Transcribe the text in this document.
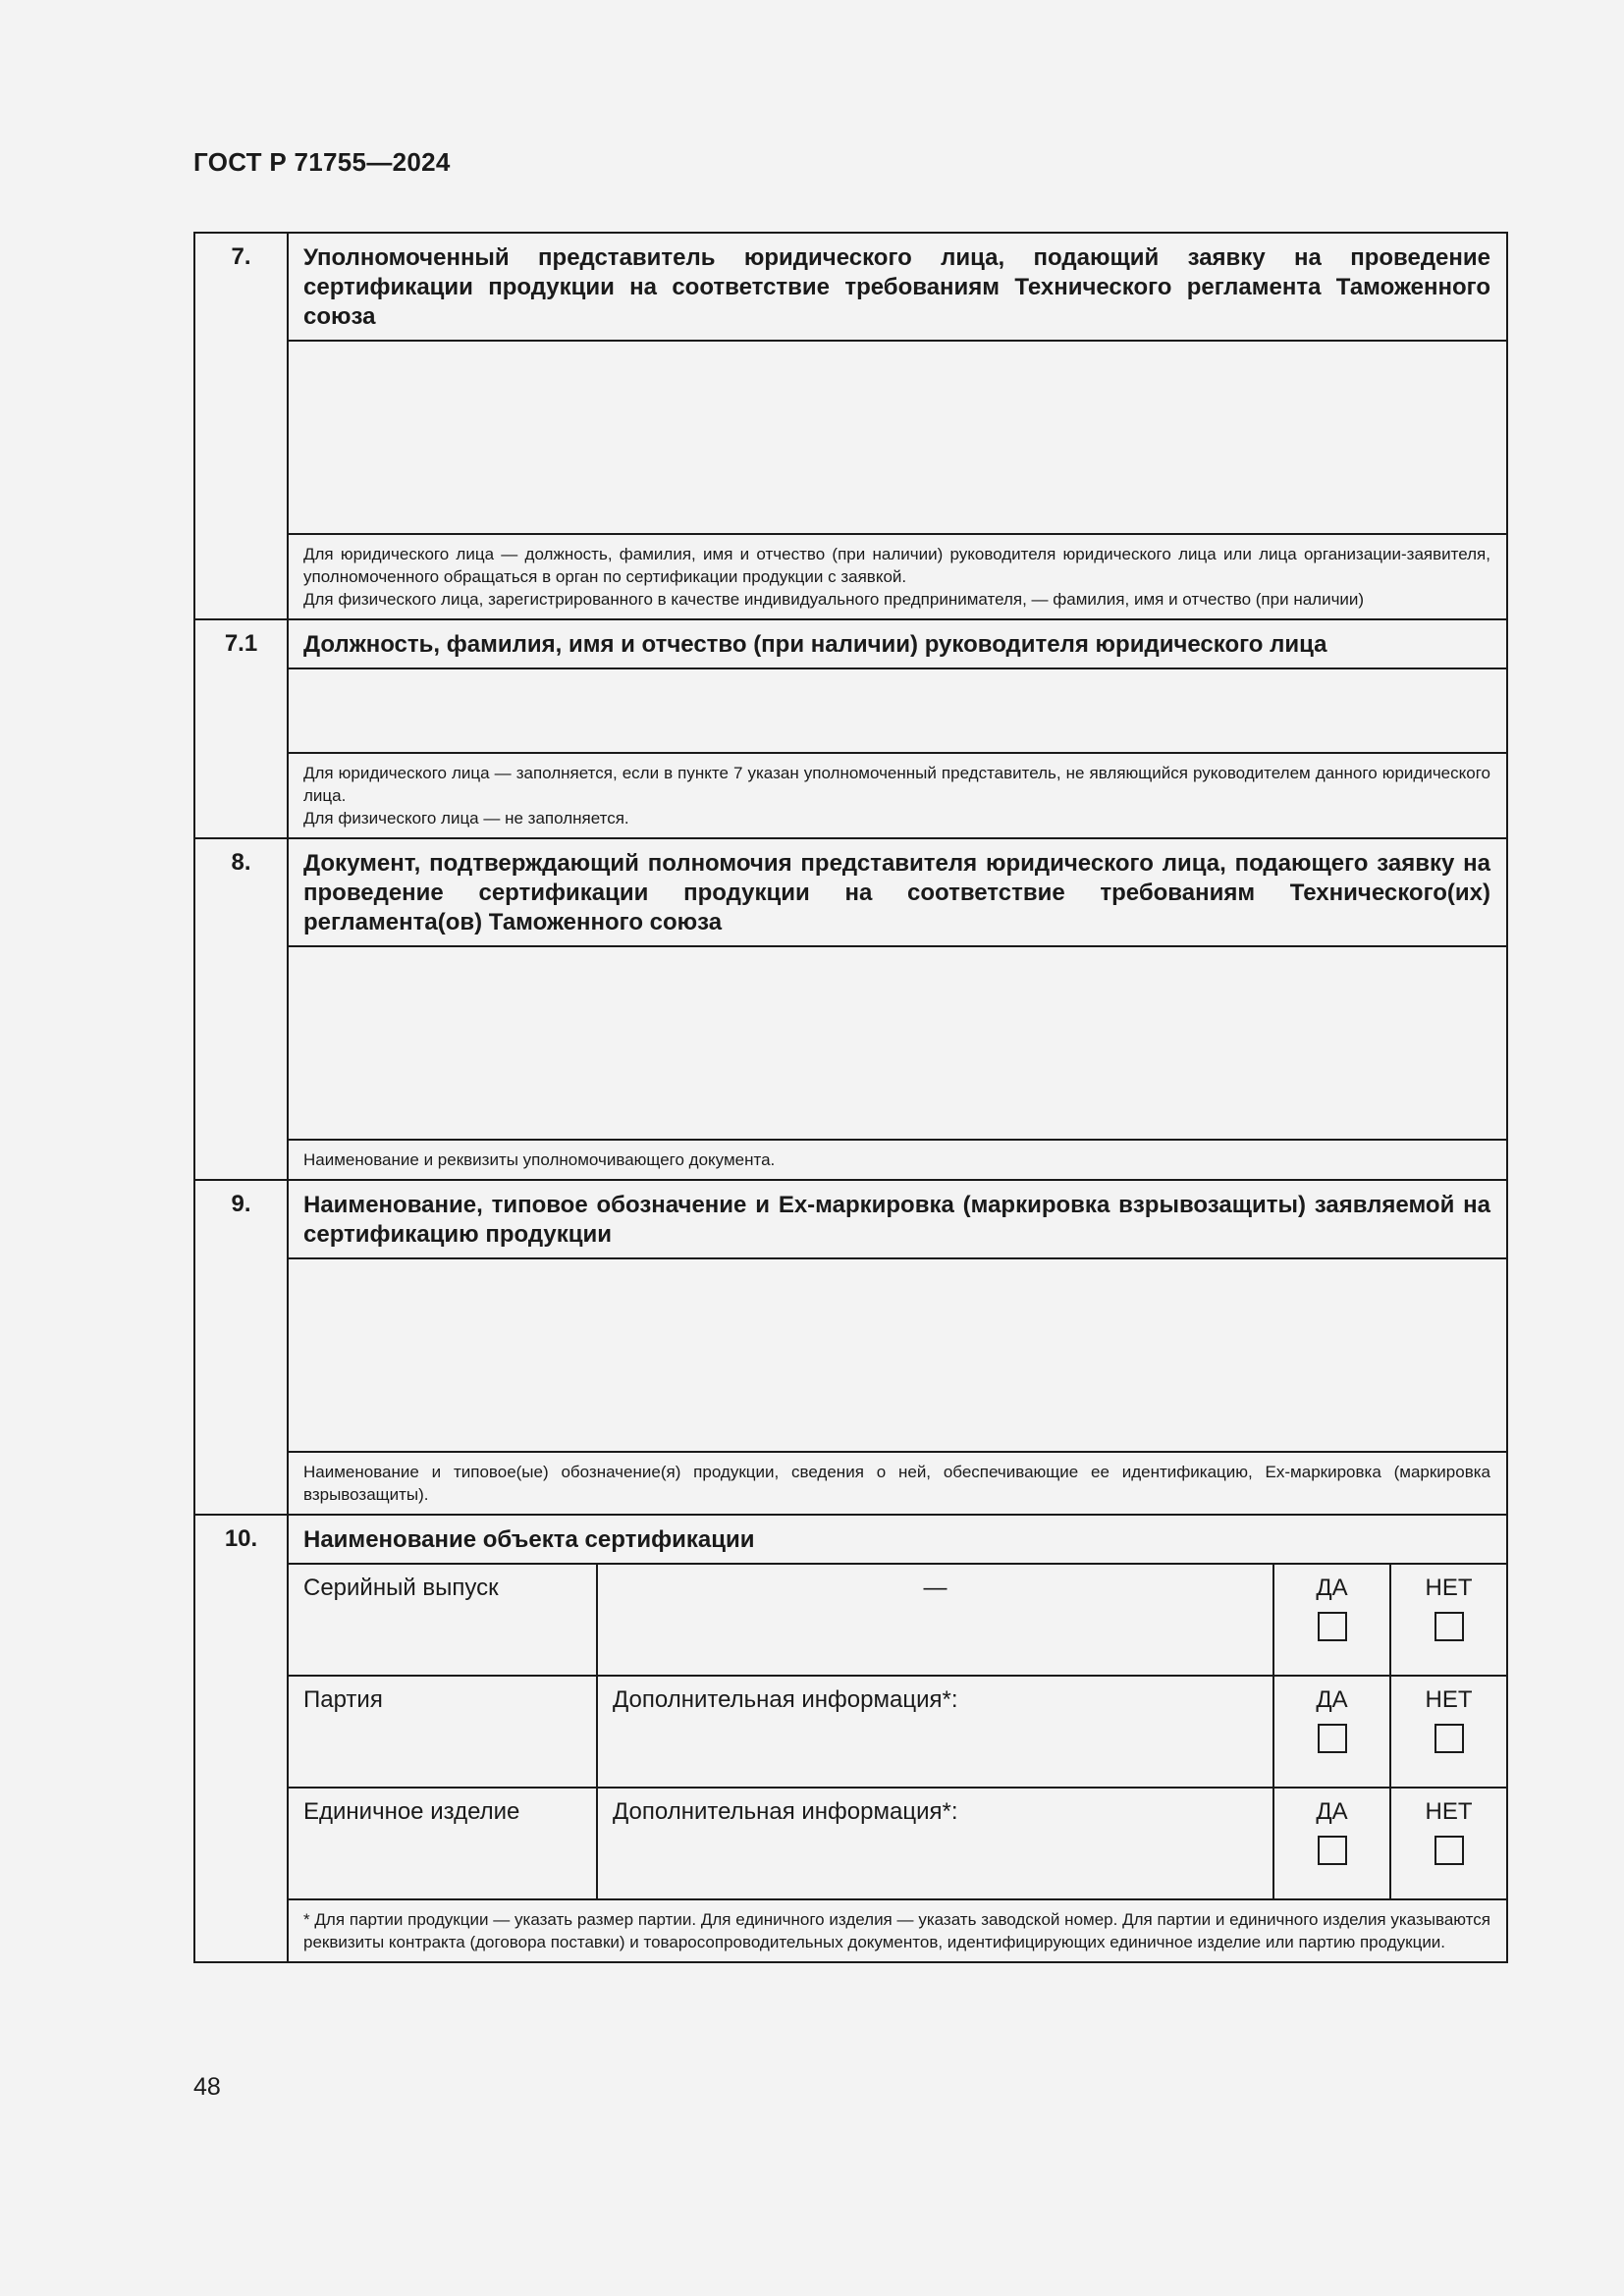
ГОСТ Р 71755—2024
7.	Уполномоченный представитель юридического лица, подающий заявку на проведение сертификации продукции на соответствие требованиям Технического регламента Таможенного союза

Для юридического лица — должность, фамилия, имя и отчество (при наличии) руководителя юридического лица или лица организации-заявителя, уполномоченного обращаться в орган по сертификации продукции с заявкой.

Для физического лица, зарегистрированного в качестве индивидуального предпринимателя, — фамилия, имя и отчество (при наличии)

7.1	Должность, фамилия, имя и отчество (при наличии) руководителя юридического лица

Для юридического лица — заполняется, если в пункте 7 указан уполномоченный представитель, не являющийся руководителем данного юридического лица.

Для физического лица — не заполняется.

8.	Документ, подтверждающий полномочия представителя юридического лица, подающего заявку на проведение сертификации продукции на соответствие требованиям Технического(их) регламента(ов) Таможенного союза

Наименование и реквизиты уполномочивающего документа.

9.	Наименование, типовое обозначение и Ех-маркировка (маркировка взрывозащиты) заявляемой на сертификацию продукции

Наименование и типовое(ые) обозначение(я) продукции, сведения о ней, обеспечивающие ее идентификацию, Ех-маркировка (маркировка взрывозащиты).

10.	Наименование объекта сертификации

Серийный выпуск	—	ДА	НЕТ

Партия	Дополнительная информация*:	ДА	НЕТ

Единичное изделие	Дополнительная информация*:	ДА	НЕТ

* Для партии продукции — указать размер партии. Для единичного изделия — указать заводской номер. Для партии и единичного изделия указываются реквизиты контракта (договора поставки) и товаросопроводительных документов, идентифицирующих единичное изделие или партию продукции.

48
